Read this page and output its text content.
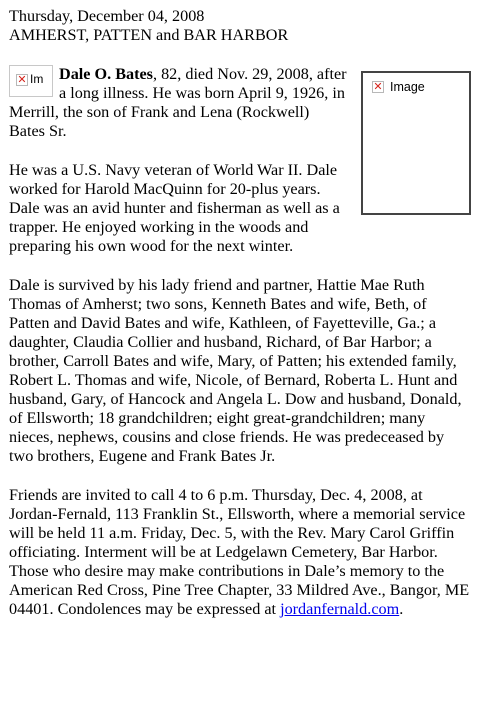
Thursday, December 04, 2008
AMHERST, PATTEN and BAR HARBOR
✕ Image

✕ Im Dale O. Bates, 82, died Nov. 29, 2008, after a long illness. He was born April 9, 1926, in Merrill, the son of Frank and Lena (Rockwell) Bates Sr.

He was a U.S. Navy veteran of World War II. Dale worked for Harold MacQuinn for 20-plus years. Dale was an avid hunter and fisherman as well as a trapper. He enjoyed working in the woods and preparing his own wood for the next winter.

Dale is survived by his lady friend and partner, Hattie Mae Ruth Thomas of Amherst; two sons, Kenneth Bates and wife, Beth, of Patten and David Bates and wife, Kathleen, of Fayetteville, Ga.; a daughter, Claudia Collier and husband, Richard, of Bar Harbor; a brother, Carroll Bates and wife, Mary, of Patten; his extended family, Robert L. Thomas and wife, Nicole, of Bernard, Roberta L. Hunt and husband, Gary, of Hancock and Angela L. Dow and husband, Donald, of Ellsworth; 18 grandchildren; eight great-grandchildren; many nieces, nephews, cousins and close friends. He was predeceased by two brothers, Eugene and Frank Bates Jr.

Friends are invited to call 4 to 6 p.m. Thursday, Dec. 4, 2008, at Jordan-Fernald, 113 Franklin St., Ellsworth, where a memorial service will be held 11 a.m. Friday, Dec. 5, with the Rev. Mary Carol Griffin officiating. Interment will be at Ledgelawn Cemetery, Bar Harbor. Those who desire may make contributions in Dale’s memory to the American Red Cross, Pine Tree Chapter, 33 Mildred Ave., Bangor, ME 04401. Condolences may be expressed at jordanfernald.com.
